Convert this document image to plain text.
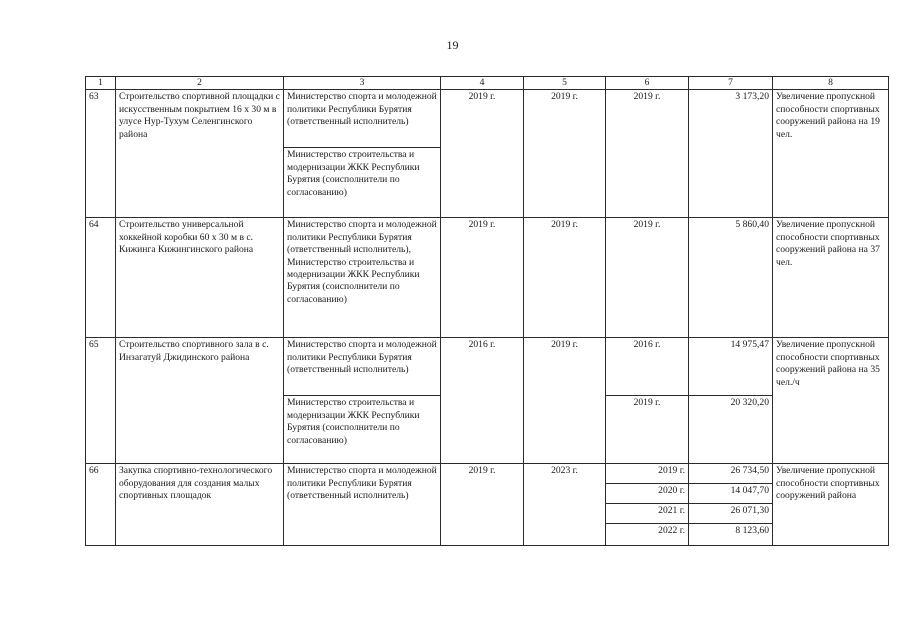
19
1	2	3	4	5	6	7	8
63	Строительство спортивной площадки с искусственным покрытием 16 х 30 м в улусе Нур-Тухум Селенгинского района	Министерство спорта и молодежной политики Республики Бурятия (ответственный исполнитель)	2019 г.	2019 г.	2019 г.	3 173,20	Увеличение пропускной способности спортивных сооружений района на 19 чел.
		Министерство строительства и модернизации ЖКК Республики Бурятия (соисполнители по согласованию)					
64	Строительство универсальной хоккейной коробки 60 х 30 м в с. Кижинга Кижингинского района	Министерство спорта и молодежной политики Республики Бурятия (ответственный исполнитель), Министерство строительства и модернизации ЖКК Республики Бурятия (соисполнители по согласованию)	2019 г.	2019 г.	2019 г.	5 860,40	Увеличение пропускной способности спортивных сооружений района на 37 чел.
65	Строительство спортивного зала в с. Инзагатуй Джидинского района	Министерство спорта и молодежной политики Республики Бурятия (ответственный исполнитель)	2016 г.	2019 г.	2016 г.	14 975,47	Увеличение пропускной способности спортивных сооружений района на 35 чел./ч
		Министерство строительства и модернизации ЖКК Республики Бурятия (соисполнители по согласованию)			2019 г.	20 320,20	
66	Закупка спортивно-технологического оборудования для создания малых спортивных площадок	Министерство спорта и молодежной политики Республики Бурятия (ответственный исполнитель)	2019 г.	2023 г.	2019 г.	26 734,50	Увеличение пропускной способности спортивных сооружений района
					2020 г.	14 047,70	
					2021 г.	26 071,30	
					2022 г.	8 123,60	
